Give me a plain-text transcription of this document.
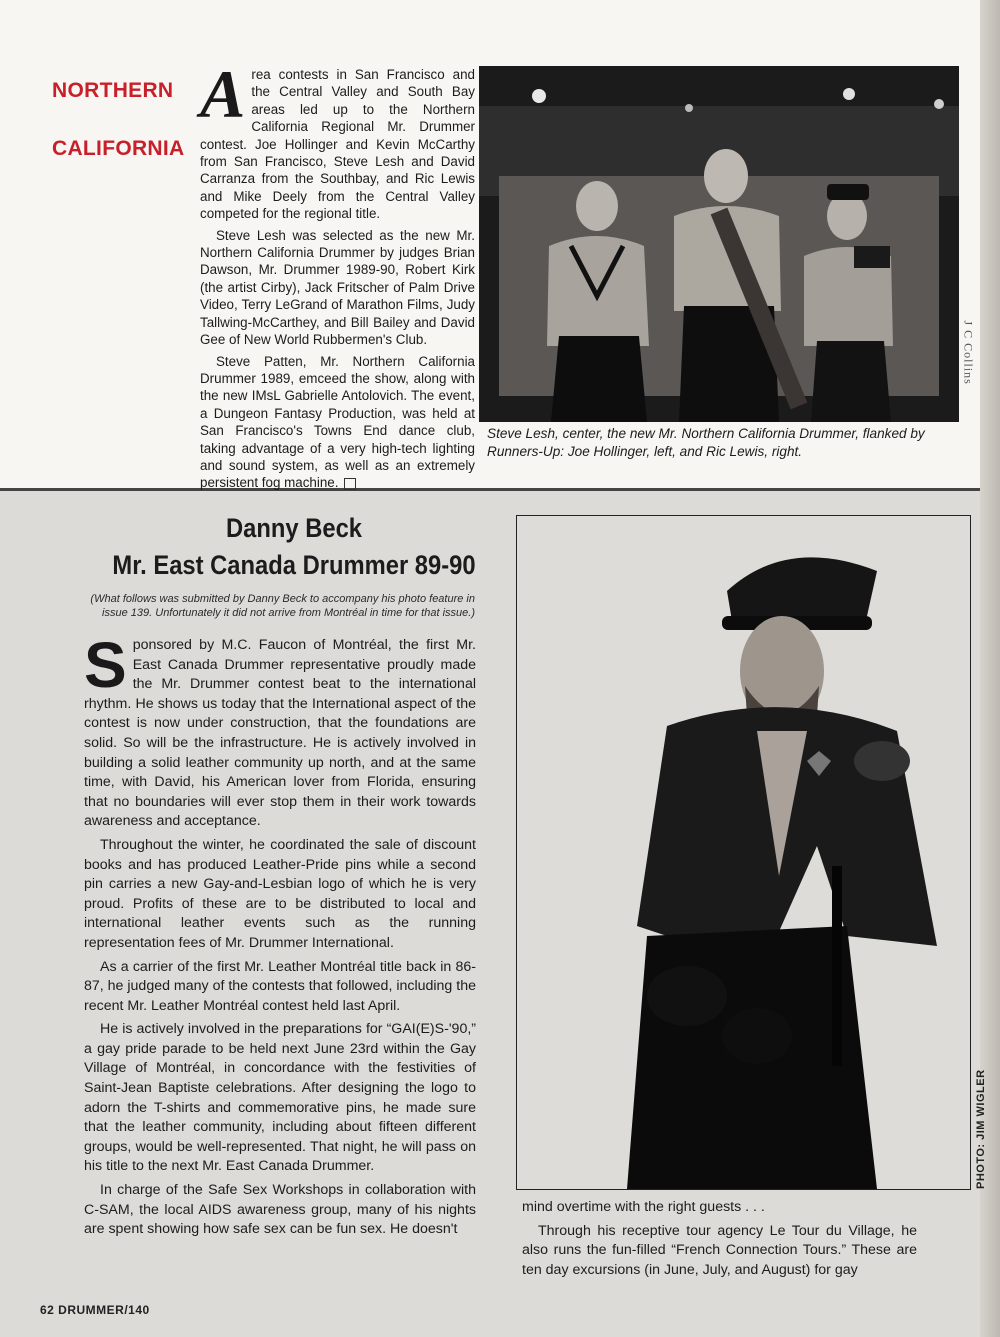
NORTHERN
CALIFORNIA

Area contests in San Francisco and the Central Valley and South Bay areas led up to the Northern California Regional Mr. Drummer contest. Joe Hollinger and Kevin McCarthy from San Francisco, Steve Lesh and David Carranza from the Southbay, and Ric Lewis and Mike Deely from the Central Valley competed for the regional title.

Steve Lesh was selected as the new Mr. Northern California Drummer by judges Brian Dawson, Mr. Drummer 1989-90, Robert Kirk (the artist Cirby), Jack Fritscher of Palm Drive Video, Terry LeGrand of Marathon Films, Judy Tallwing-McCarthey, and Bill Bailey and David Gee of New World Rubbermen's Club.

Steve Patten, Mr. Northern California Drummer 1989, emceed the show, along with the new IMsL Gabrielle Antolovich. The event, a Dungeon Fantasy Production, was held at San Francisco's Towns End dance club, taking advantage of a very high-tech lighting and sound system, as well as an extremely persistent fog machine.

J C Collins
Steve Lesh, center, the new Mr. Northern California Drummer, flanked by Runners-Up: Joe Hollinger, left, and Ric Lewis, right.
Danny Beck
Mr. East Canada Drummer 89-90
(What follows was submitted by Danny Beck to accompany his photo feature in issue 139. Unfortunately it did not arrive from Montréal in time for that issue.)

Sponsored by M.C. Faucon of Montréal, the first Mr. East Canada Drummer representative proudly made the Mr. Drummer contest beat to the international rhythm. He shows us today that the International aspect of the contest is now under construction, that the foundations are solid. So will be the infrastructure. He is actively involved in building a solid leather community up north, and at the same time, with David, his American lover from Florida, ensuring that no boundaries will ever stop them in their work towards awareness and acceptance.

Throughout the winter, he coordinated the sale of discount books and has produced Leather-Pride pins while a second pin carries a new Gay-and-Lesbian logo of which he is very proud. Profits of these are to be distributed to local and international leather events such as the running representation fees of Mr. Drummer International.

As a carrier of the first Mr. Leather Montréal title back in 86-87, he judged many of the contests that followed, including the recent Mr. Leather Montréal contest held last April.

He is actively involved in the preparations for “GAI(E)S-'90,” a gay pride parade to be held next June 23rd within the Gay Village of Montréal, in concordance with the festivities of Saint-Jean Baptiste celebrations. After designing the logo to adorn the T-shirts and commemorative pins, he made sure that the leather community, including about fifteen different groups, would be well-represented. That night, he will pass on his title to the next Mr. East Canada Drummer.

In charge of the Safe Sex Workshops in collaboration with C-SAM, the local AIDS awareness group, many of his nights are spent showing how safe sex can be fun sex. He doesn't

PHOTO: JIM WIGLER

mind overtime with the right guests . . .

Through his receptive tour agency Le Tour du Village, he also runs the fun-filled “French Connection Tours.” These are ten day excursions (in June, July, and August) for gay

62 DRUMMER/140
